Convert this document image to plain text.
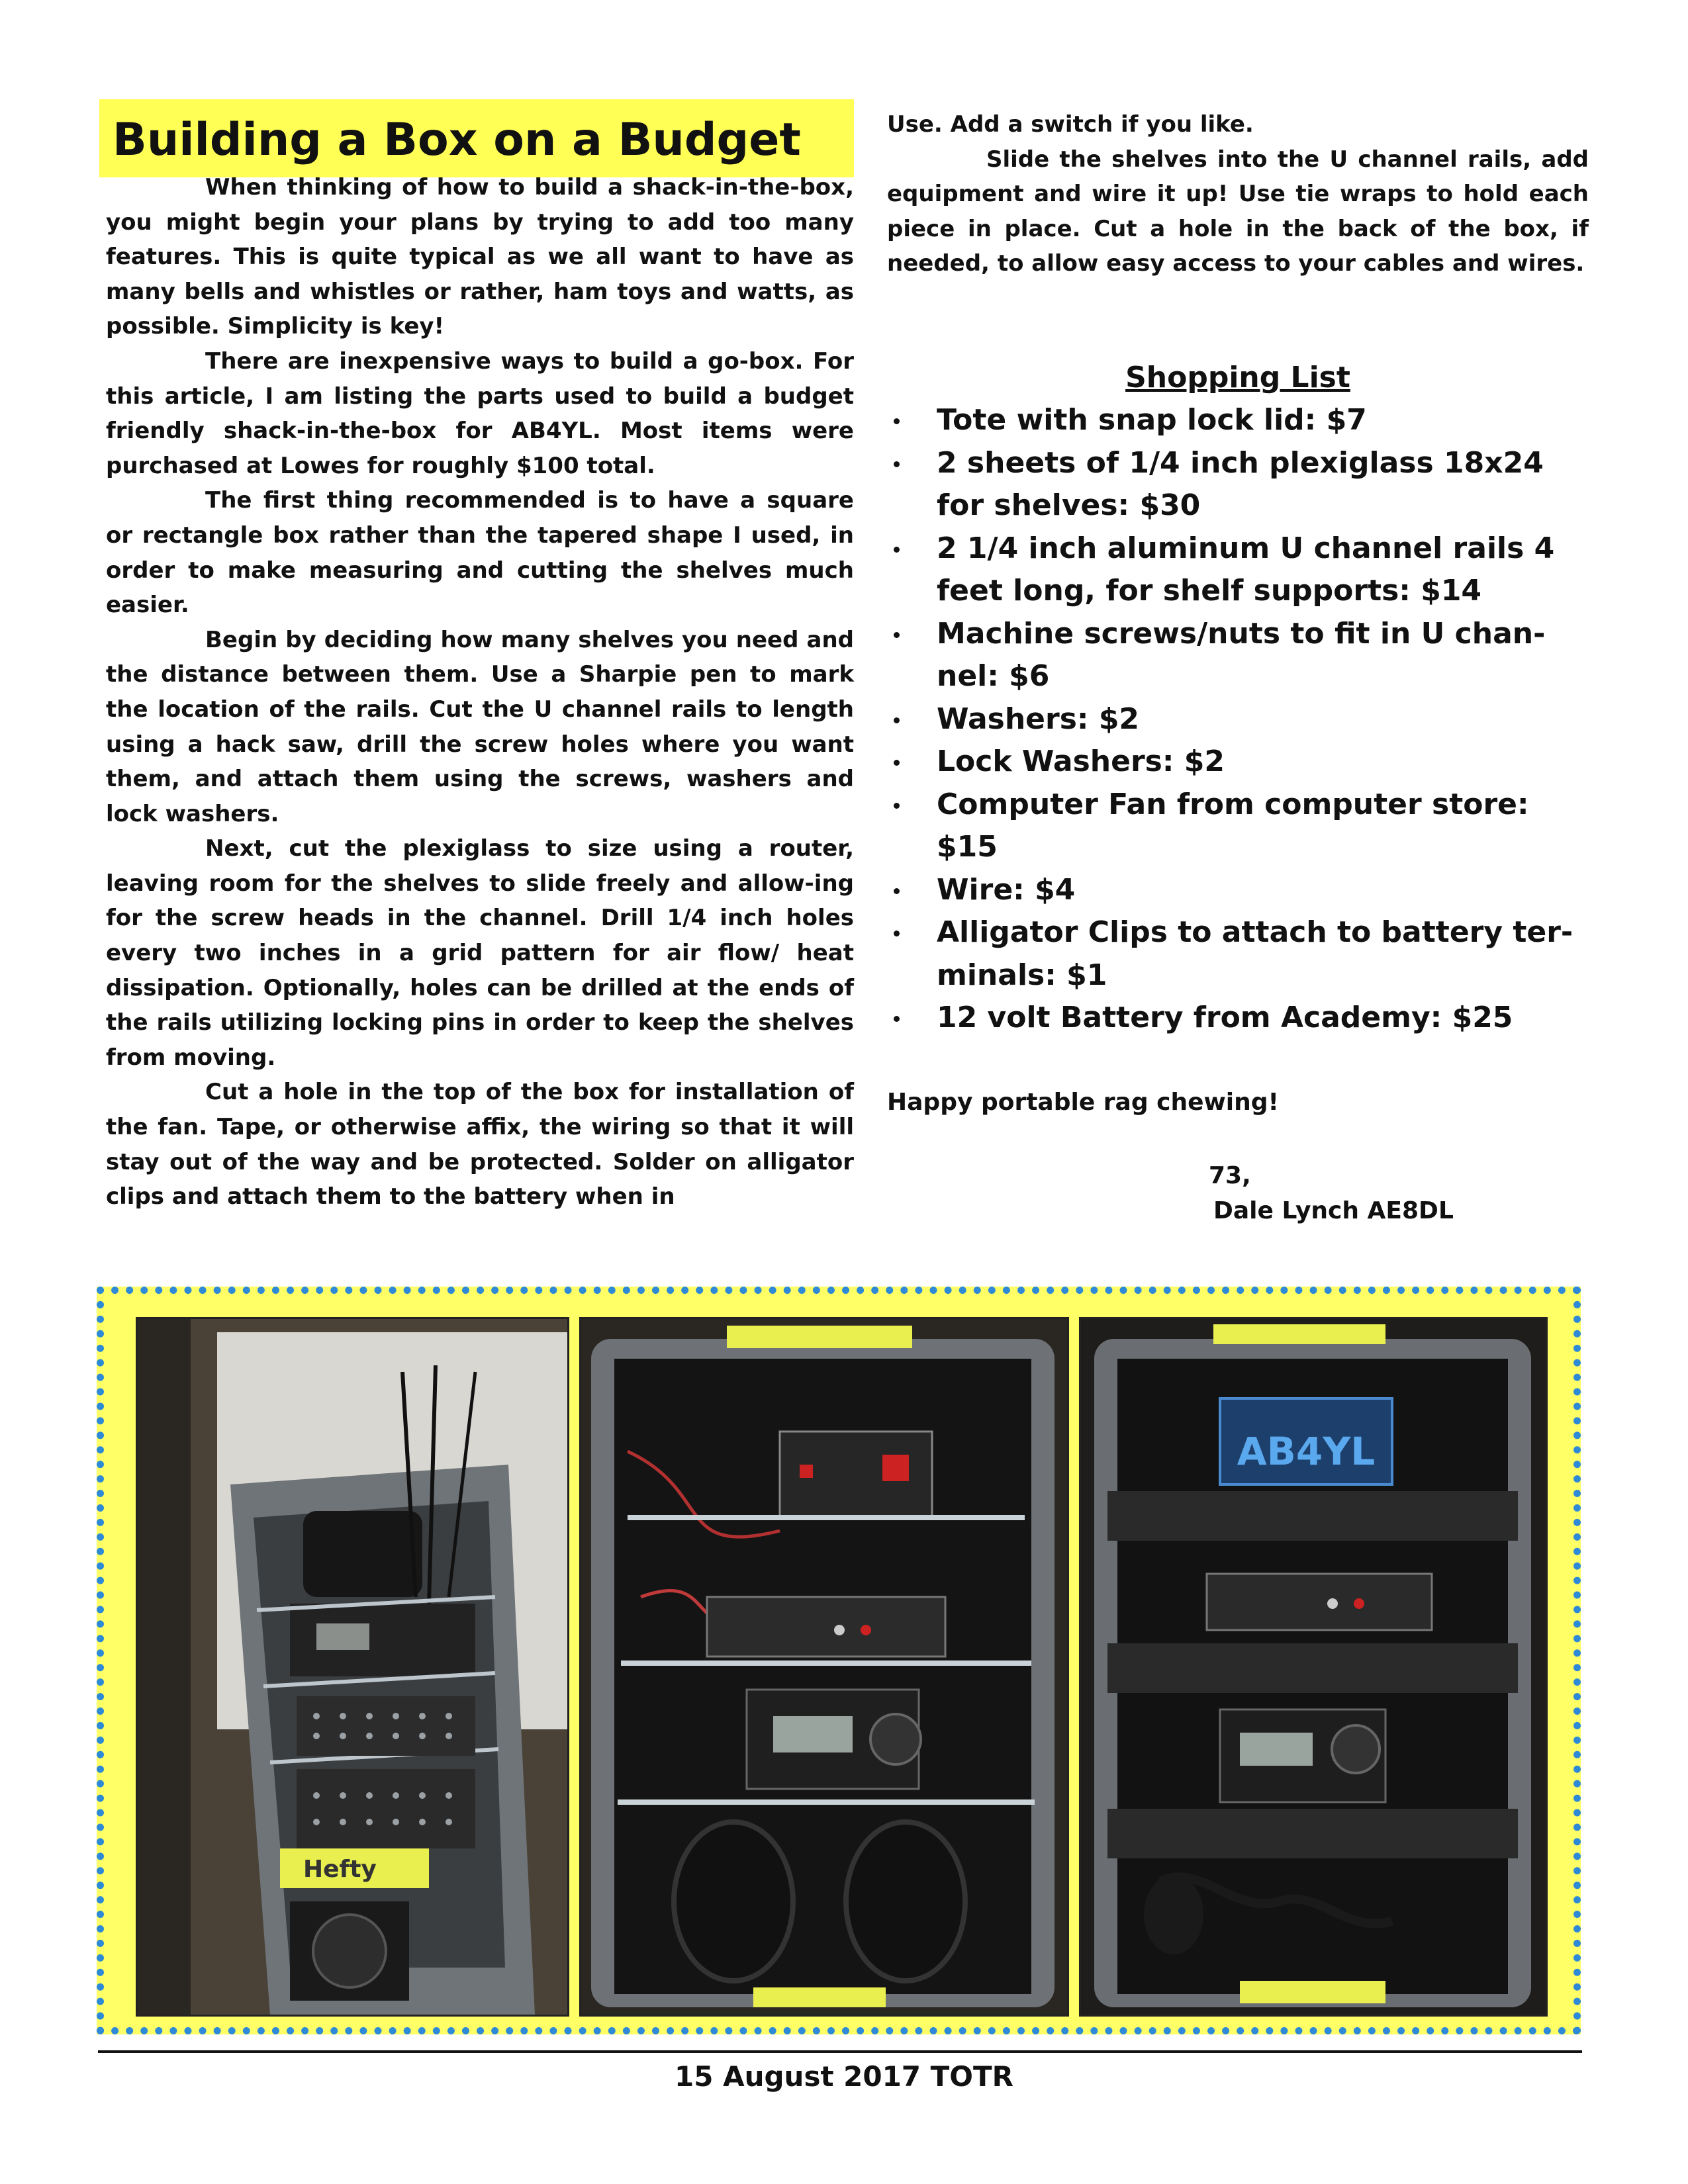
Building a Box on a Budget

When thinking of how to build a shack-in-the-box, you might begin your plans by trying to add too many features. This is quite typical as we all want to have as many bells and whistles or rather, ham toys and watts, as possible. Simplicity is key!

There are inexpensive ways to build a go-box. For this article, I am listing the parts used to build a budget friendly shack-in-the-box for AB4YL. Most items were purchased at Lowes for roughly $100 total.

The first thing recommended is to have a square or rectangle box rather than the tapered shape I used, in order to make measuring and cutting the shelves much easier.

Begin by deciding how many shelves you need and the distance between them. Use a Sharpie pen to mark the location of the rails. Cut the U channel rails to length using a hack saw, drill the screw holes where you want them, and attach them using the screws, washers and lock washers.

Next, cut the plexiglass to size using a router, leaving room for the shelves to slide freely and allow-ing for the screw heads in the channel. Drill 1/4 inch holes every two inches in a grid pattern for air flow/ heat dissipation. Optionally, holes can be drilled at the ends of the rails utilizing locking pins in order to keep the shelves from moving.

Cut a hole in the top of the box for installation of the fan. Tape, or otherwise affix, the wiring so that it will stay out of the way and be protected. Solder on alligator clips and attach them to the battery when in

Use. Add a switch if you like.

Slide the shelves into the U channel rails, add equipment and wire it up! Use tie wraps to hold each piece in place. Cut a hole in the back of the box, if needed, to allow easy access to your cables and wires.

Shopping List
Tote with snap lock lid: $7
2 sheets of 1/4 inch plexiglass 18x24 for shelves: $30
2 1/4 inch aluminum U channel rails 4 feet long, for shelf supports: $14
Machine screws/nuts to fit in U chan-nel: $6
Washers: $2
Lock Washers: $2
Computer Fan from computer store: $15
Wire: $4
Alligator Clips to attach to battery ter-minals: $1
12 volt Battery from Academy: $25
Happy portable rag chewing!
73,
Dale Lynch AE8DL
Hefty
AB4YL
15 August 2017 TOTR
